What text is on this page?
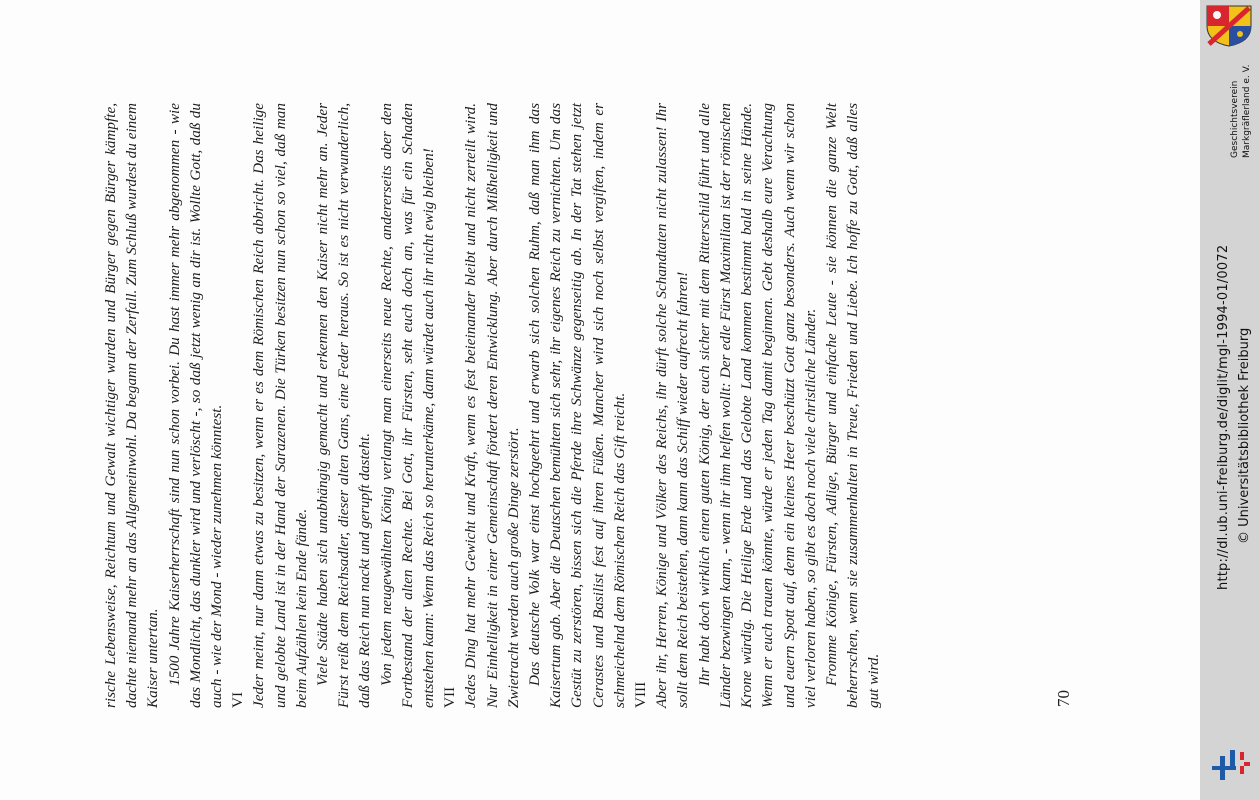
rische Lebensweise, Reichtum und Gewalt wichtiger wurden und Bürger gegen Bürger kämpfte, dachte niemand mehr an das Allgemeinwohl. Da begann der Zerfall. Zum Schluß wurdest du einem Kaiser untertan. 1500 Jahre Kaiserherrschaft sind nun schon vorbei. Du hast immer mehr abgenommen - wie das Mondlicht, das dunkler wird und verlöscht -, so daß jetzt wenig an dir ist. Wollte Gott, daß du auch - wie der Mond - wieder zunehmen könntest. VI Jeder meint, nur dann etwas zu besitzen, wenn er es dem Römischen Reich abbricht. Das heilige und gelobte Land ist in der Hand der Sarazenen. Die Türken besitzen nun schon so viel, daß man beim Aufzählen kein Ende fände. Viele Städte haben sich unabhängig gemacht und erkennen den Kaiser nicht mehr an. Jeder Fürst reißt dem Reichsadler, dieser alten Gans, eine Feder heraus. So ist es nicht verwunderlich, daß das Reich nun nackt und gerupft dasteht. Von jedem neugewählten König verlangt man einerseits neue Rechte, andererseits aber den Fortbestand der alten Rechte. Bei Gott, ihr Fürsten, seht euch doch an, was für ein Schaden entstehen kann: Wenn das Reich so herunterkäme, dann würdet auch ihr nicht ewig bleiben! VII Jedes Ding hat mehr Gewicht und Kraft, wenn es fest beieinander bleibt und nicht zerteilt wird. Nur Einhelligkeit in einer Gemeinschaft fördert deren Entwicklung. Aber durch Mißhelligkeit und Zwietracht werden auch große Dinge zerstört. Das deutsche Volk war einst hochgeehrt und erwarb sich solchen Ruhm, daß man ihm das Kaisertum gab. Aber die Deutschen bemühten sich sehr, ihr eigenes Reich zu vernichten. Um das Gestüt zu zerstören, bissen sich die Pferde ihre Schwänze gegenseitig ab. In der Tat stehen jetzt Cerastes und Basilist fest auf ihren Füßen. Mancher wird sich noch selbst vergiften, indem er schmeichelnd dem Römischen Reich das Gift reicht. VIII Aber ihr, Herren, Könige und Völker des Reichs, ihr dürft solche Schandtaten nicht zulassen! Ihr sollt dem Reich beistehen, dann kann das Schiff wieder aufrecht fahren! Ihr habt doch wirklich einen guten König, der euch sicher mit dem Ritterschild führt und alle Länder bezwingen kann, - wenn ihr ihm helfen wollt: Der edle Fürst Maximilian ist der römischen Krone würdig. Die Heilige Erde und das Gelobte Land kommen bestimmt bald in seine Hände. Wenn er euch trauen könnte, würde er jeden Tag damit beginnen. Gebt deshalb eure Verachtung und euern Spott auf, denn ein kleines Heer beschützt Gott ganz besonders. Auch wenn wir schon viel verloren haben, so gibt es doch noch viele christliche Länder. Fromme Könige, Fürsten, Adlige, Bürger und einfache Leute - sie können die ganze Welt beherrschen, wenn sie zusammenhalten in Treue, Frieden und Liebe. Ich hoffe zu Gott, daß alles gut wird.	70
Geschichtsverein Markgräflerland e. V.
http://dl.ub.uni-freiburg.de/diglit/mgl-1994-01/0072 © Universitätsbibliothek Freiburg
